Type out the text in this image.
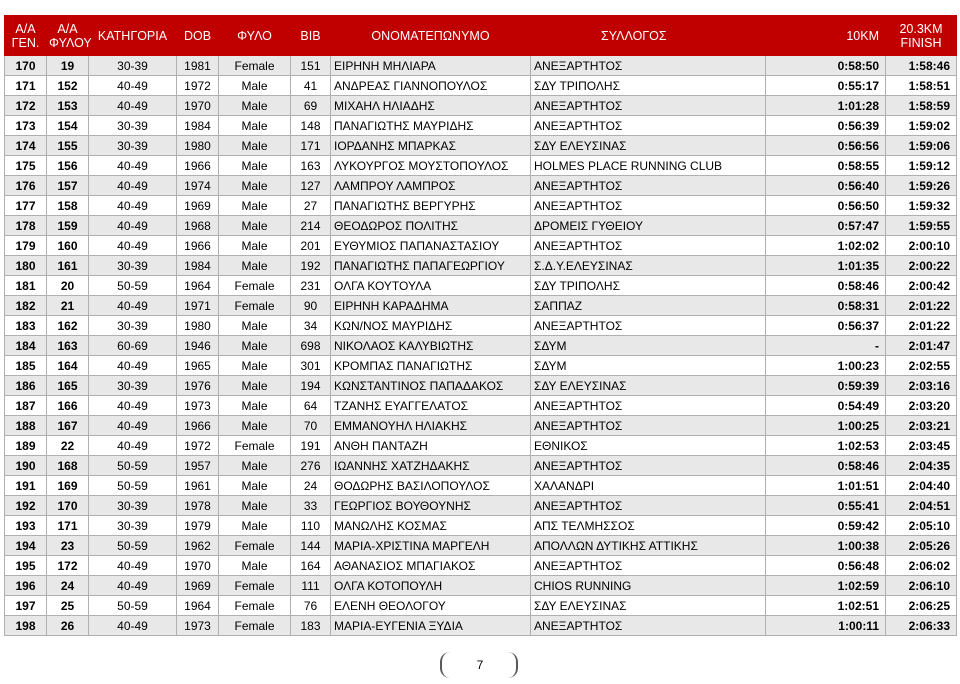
Α/Α ΓΕΝ.	Α/Α ΦΥΛΟΥ	ΚΑΤΗΓΟΡΙΑ	DOB	ΦΥΛΟ	BIB	ΟΝΟΜΑΤΕΠΩΝΥΜΟ	ΣΥΛΛΟΓΟΣ	10KM	20.3KM FINISH
170	19	30-39	1981	Female	151	ΕΙΡΗΝΗ ΜΗΛΙΑΡΑ	ΑΝΕΞΑΡΤΗΤΟΣ	0:58:50	1:58:46
171	152	40-49	1972	Male	41	ΑΝΔΡΕΑΣ ΓΙΑΝΝΟΠΟΥΛΟΣ	ΣΔΥ ΤΡΙΠΟΛΗΣ	0:55:17	1:58:51
172	153	40-49	1970	Male	69	ΜΙΧΑΗΛ ΗΛΙΑΔΗΣ	ΑΝΕΞΑΡΤΗΤΟΣ	1:01:28	1:58:59
173	154	30-39	1984	Male	148	ΠΑΝΑΓΙΩΤΗΣ ΜΑΥΡΙΔΗΣ	ΑΝΕΞΑΡΤΗΤΟΣ	0:56:39	1:59:02
174	155	30-39	1980	Male	171	ΙΟΡΔΑΝΗΣ ΜΠΑΡΚΑΣ	ΣΔΥ ΕΛΕΥΣΙΝΑΣ	0:56:56	1:59:06
175	156	40-49	1966	Male	163	ΛΥΚΟΥΡΓΟΣ ΜΟΥΣΤΟΠΟΥΛΟΣ	HOLMES PLACE RUNNING CLUB	0:58:55	1:59:12
176	157	40-49	1974	Male	127	ΛΑΜΠΡΟΥ ΛΑΜΠΡΟΣ	ΑΝΕΞΑΡΤΗΤΟΣ	0:56:40	1:59:26
177	158	40-49	1969	Male	27	ΠΑΝΑΓΙΩΤΗΣ ΒΕΡΓΥΡΗΣ	ΑΝΕΞΑΡΤΗΤΟΣ	0:56:50	1:59:32
178	159	40-49	1968	Male	214	ΘΕΟΔΩΡΟΣ ΠΟΛΙΤΗΣ	ΔΡΟΜΕΙΣ ΓΥΘΕΙΟΥ	0:57:47	1:59:55
179	160	40-49	1966	Male	201	ΕΥΘΥΜΙΟΣ ΠΑΠΑΝΑΣΤΑΣΙΟΥ	ΑΝΕΞΑΡΤΗΤΟΣ	1:02:02	2:00:10
180	161	30-39	1984	Male	192	ΠΑΝΑΓΙΩΤΗΣ ΠΑΠΑΓΕΩΡΓΙΟΥ	Σ.Δ.Υ.ΕΛΕΥΣΙΝΑΣ	1:01:35	2:00:22
181	20	50-59	1964	Female	231	ΟΛΓΑ ΚΟΥΤΟΥΛΑ	ΣΔΥ ΤΡΙΠΟΛΗΣ	0:58:46	2:00:42
182	21	40-49	1971	Female	90	ΕΙΡΗΝΗ ΚΑΡΑΔΗΜΑ	ΣΑΠΠΑΖ	0:58:31	2:01:22
183	162	30-39	1980	Male	34	ΚΩΝ/ΝΟΣ ΜΑΥΡΙΔΗΣ	ΑΝΕΞΑΡΤΗΤΟΣ	0:56:37	2:01:22
184	163	60-69	1946	Male	698	ΝΙΚΟΛΑΟΣ ΚΑΛΥΒΙΩΤΗΣ	ΣΔΥΜ	-	2:01:47
185	164	40-49	1965	Male	301	ΚΡΟΜΠΑΣ ΠΑΝΑΓΙΩΤΗΣ	ΣΔΥΜ	1:00:23	2:02:55
186	165	30-39	1976	Male	194	ΚΩΝΣΤΑΝΤΙΝΟΣ ΠΑΠΑΔΑΚΟΣ	ΣΔΥ ΕΛΕΥΣΙΝΑΣ	0:59:39	2:03:16
187	166	40-49	1973	Male	64	ΤΖΑΝΗΣ ΕΥΑΓΓΕΛΑΤΟΣ	ΑΝΕΞΑΡΤΗΤΟΣ	0:54:49	2:03:20
188	167	40-49	1966	Male	70	ΕΜΜΑΝΟΥΗΛ ΗΛΙΑΚΗΣ	ΑΝΕΞΑΡΤΗΤΟΣ	1:00:25	2:03:21
189	22	40-49	1972	Female	191	ΑΝΘΗ ΠΑΝΤΑΖΗ	ΕΘΝΙΚΟΣ	1:02:53	2:03:45
190	168	50-59	1957	Male	276	ΙΩΑΝΝΗΣ ΧΑΤΖΗΔΑΚΗΣ	ΑΝΕΞΑΡΤΗΤΟΣ	0:58:46	2:04:35
191	169	50-59	1961	Male	24	ΘΟΔΩΡΗΣ ΒΑΣΙΛΟΠΟΥΛΟΣ	ΧΑΛΑΝΔΡΙ	1:01:51	2:04:40
192	170	30-39	1978	Male	33	ΓΕΩΡΓΙΟΣ ΒΟΥΘΟΥΝΗΣ	ΑΝΕΞΑΡΤΗΤΟΣ	0:55:41	2:04:51
193	171	30-39	1979	Male	110	ΜΑΝΩΛΗΣ ΚΟΣΜΑΣ	ΑΠΣ ΤΕΛΜΗΣΣΟΣ	0:59:42	2:05:10
194	23	50-59	1962	Female	144	ΜΑΡΙΑ-ΧΡΙΣΤΙΝΑ ΜΑΡΓΕΛΗ	ΑΠΟΛΛΩΝ ΔΥΤΙΚΗΣ ΑΤΤΙΚΗΣ	1:00:38	2:05:26
195	172	40-49	1970	Male	164	ΑΘΑΝΑΣΙΟΣ ΜΠΑΓΙΑΚΟΣ	ΑΝΕΞΑΡΤΗΤΟΣ	0:56:48	2:06:02
196	24	40-49	1969	Female	111	ΟΛΓΑ ΚΟΤΟΠΟΥΛΗ	CHIOS RUNNING	1:02:59	2:06:10
197	25	50-59	1964	Female	76	ΕΛΕΝΗ ΘΕΟΛΟΓΟΥ	ΣΔΥ ΕΛΕΥΣΙΝΑΣ	1:02:51	2:06:25
198	26	40-49	1973	Female	183	ΜΑΡΙΑ-ΕΥΓΕΝΙΑ ΞΥΔΙΑ	ΑΝΕΞΑΡΤΗΤΟΣ	1:00:11	2:06:33
7
